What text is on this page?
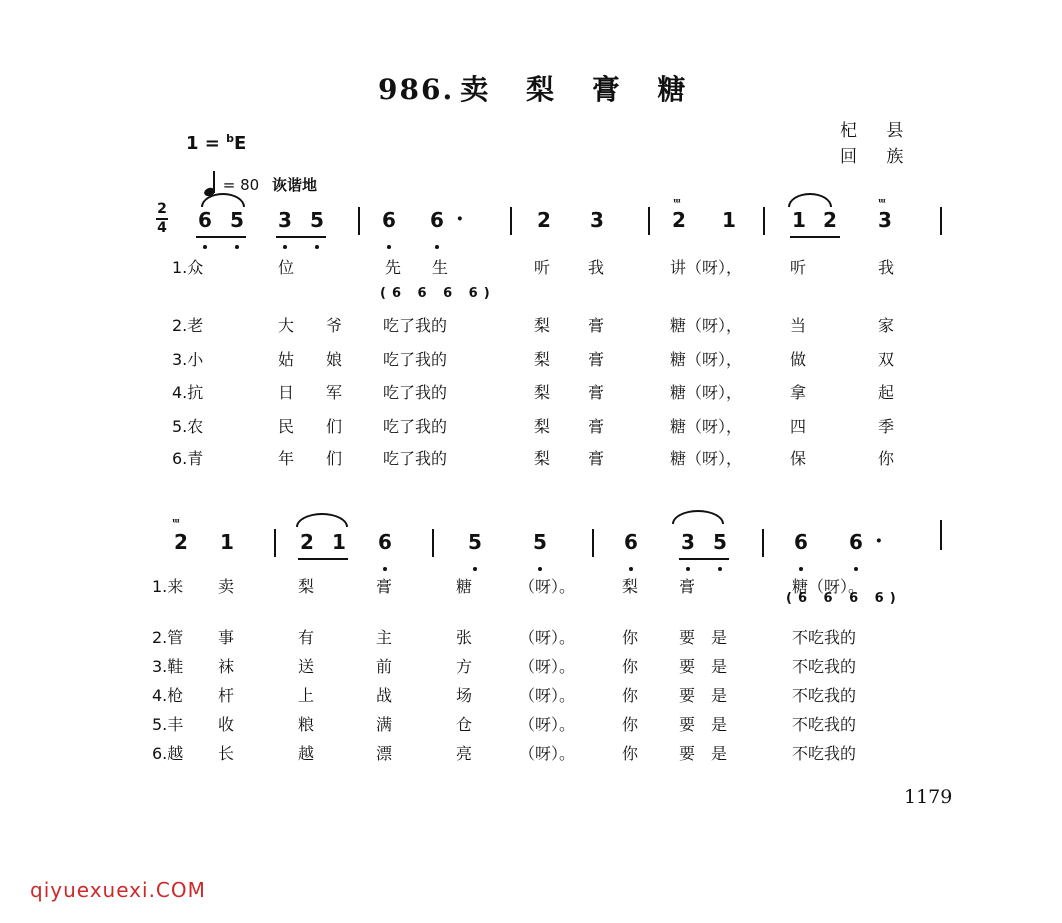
986. 卖 梨 膏 糖
杞 县
回 族
1 = $^b$E
= 80 诙谐地
2
4
ᵚ	ᵚ
6 5 3 5	6 6 ·
(6 6 6 6)
2 3	2 1	1 2 3
1.众	位	先 生	听 我	讲（呀），	听	我
2.老	大 爷	吃了我的	梨 膏	糖（呀），	当	家
3.小	姑 娘	吃了我的	梨 膏	糖（呀），	做	双
4.抗	日 军	吃了我的	梨 膏	糖（呀），	拿	起
5.农	民 们	吃了我的	梨 膏	糖（呀），	四	季
6.青	年 们	吃了我的	梨 膏	糖（呀），	保	你
ᵚ
2 1	2 1 6	5	5	6 3 5	6 6 ·
(6 6 6 6)
1.来 卖	梨	膏	糖	（呀）。	梨	膏	糖（呀）。
2.管 事	有	主	张	（呀）。	你	要 是	不吃我的
3.鞋 袜	送	前	方	（呀）。	你	要 是	不吃我的
4.枪 杆	上	战	场	（呀）。	你	要 是	不吃我的
5.丰 收	粮	满	仓	（呀）。	你	要 是	不吃我的
6.越 长	越	漂	亮	（呀）。	你	要 是	不吃我的
1179
qiyuexuexi.COM
